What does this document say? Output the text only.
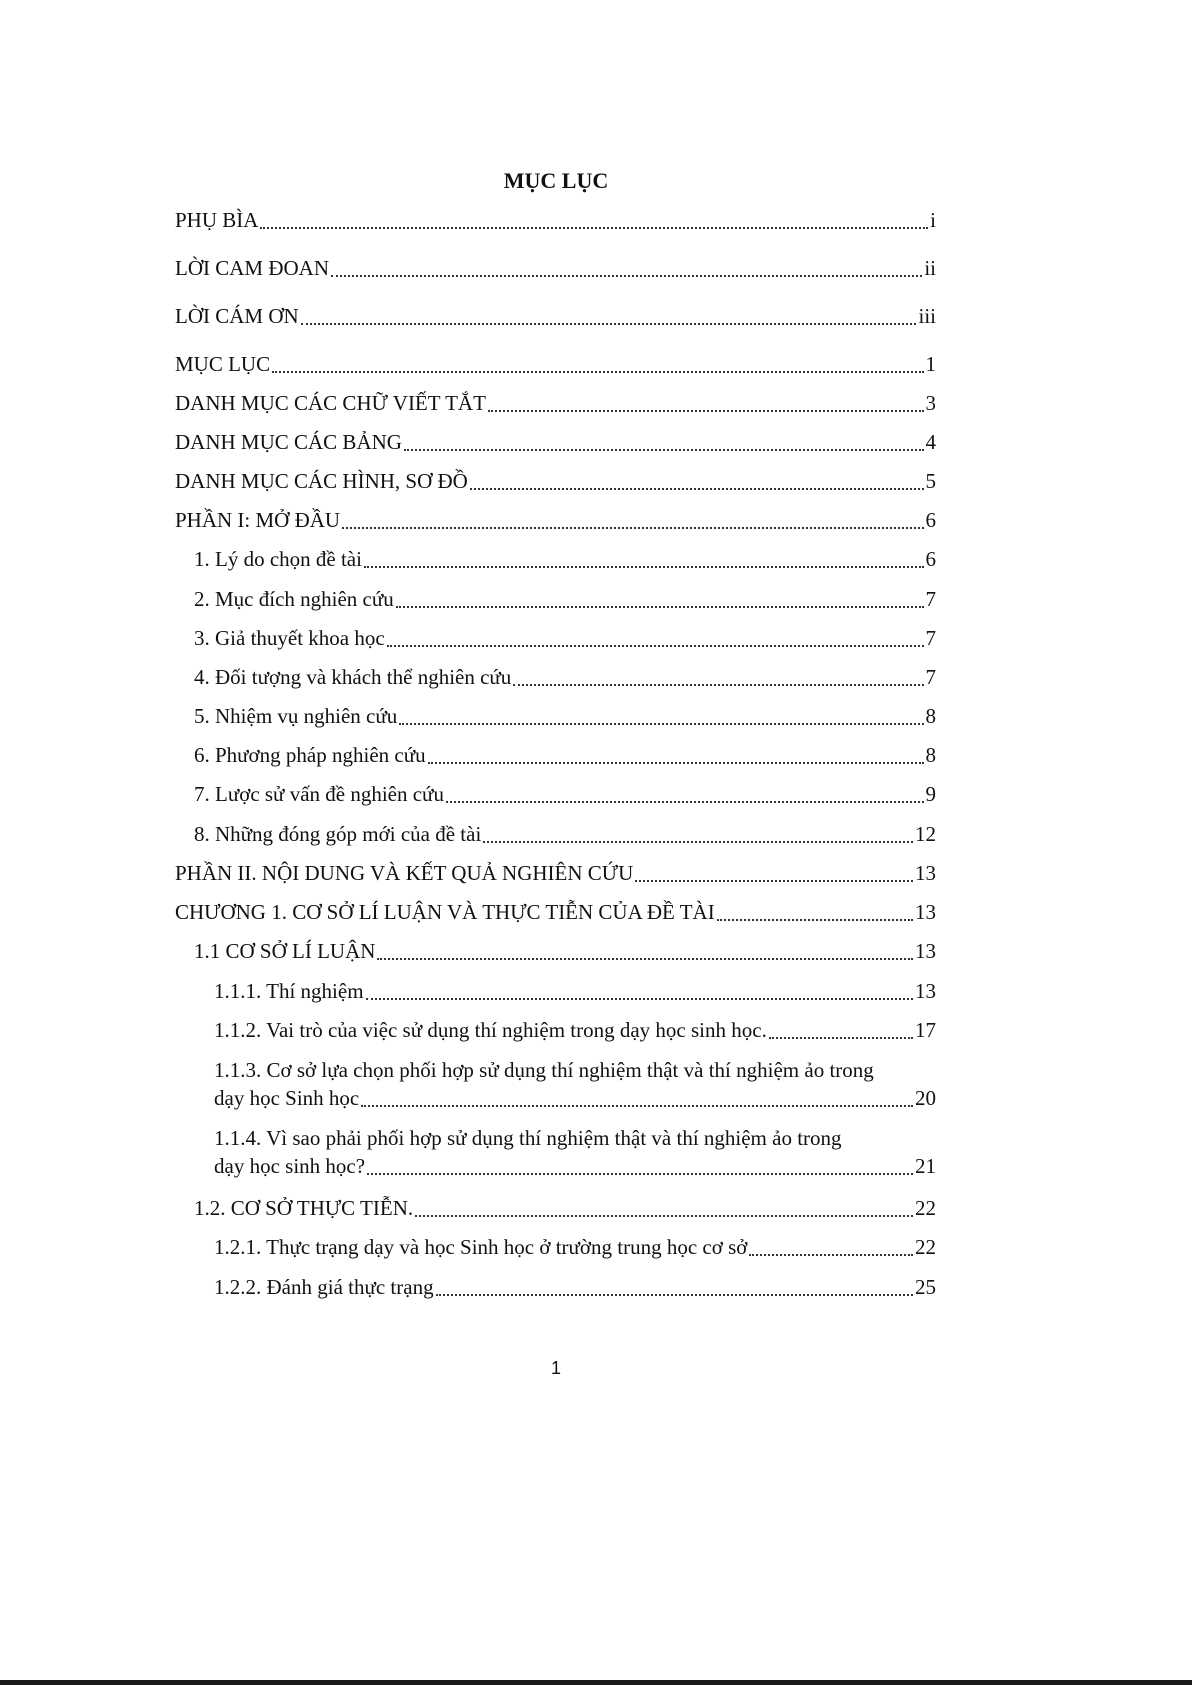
MỤC LỤC
PHỤ BÌA	i
LỜI CAM ĐOAN	ii
LỜI CÁM ƠN	iii
MỤC LỤC	1
DANH MỤC CÁC CHỮ VIẾT TẮT	3
DANH MỤC CÁC BẢNG	4
DANH MỤC CÁC HÌNH, SƠ ĐỒ	5
PHẦN I: MỞ ĐẦU	6
1. Lý do chọn đề tài	6
2. Mục đích nghiên cứu	7
3. Giả thuyết khoa học	7
4. Đối tượng và khách thể nghiên cứu	7
5. Nhiệm vụ nghiên cứu	8
6. Phương pháp nghiên cứu	8
7. Lược sử vấn đề nghiên cứu	9
8. Những đóng góp mới của đề tài	12
PHẦN II. NỘI DUNG VÀ KẾT QUẢ NGHIÊN CỨU	13
CHƯƠNG 1. CƠ SỞ LÍ LUẬN VÀ THỰC TIỄN CỦA ĐỀ TÀI	13
1.1 CƠ SỞ LÍ LUẬN	13
1.1.1. Thí nghiệm	13
1.1.2. Vai trò của việc sử dụng thí nghiệm trong dạy học sinh học.	17
1.1.3. Cơ sở lựa chọn phối hợp sử dụng thí nghiệm thật và thí nghiệm ảo trong
dạy học Sinh học	20
1.1.4. Vì sao phải phối hợp sử dụng thí nghiệm thật và thí nghiệm ảo trong
dạy học sinh học?	21
1.2. CƠ SỞ THỰC TIỄN.	22
1.2.1. Thực trạng dạy và học Sinh học ở trường trung học cơ sở	22
1.2.2. Đánh giá thực trạng	25
1
